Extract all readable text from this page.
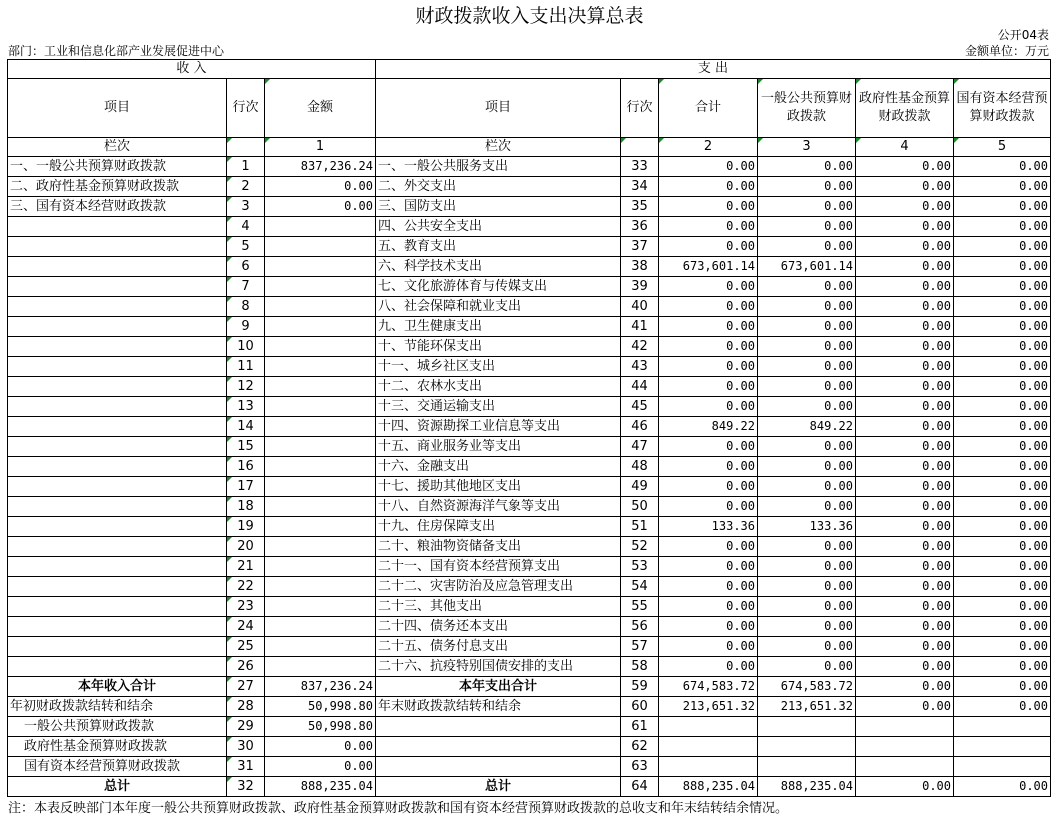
财政拨款收入支出决算总表
公开04表
部门：工业和信息化部产业发展促进中心	金额单位：万元
收 入			支 出					
项目	行次	金额	项目	行次	合计	一般公共预算财政拨款	政府性基金预算财政拨款	国有资本经营预算财政拨款
栏次		1	栏次		2	3	4	5
一、一般公共预算财政拨款	1	837,236.24	一、一般公共服务支出	33	0.00	0.00	0.00	0.00
二、政府性基金预算财政拨款	2	0.00	二、外交支出	34	0.00	0.00	0.00	0.00
三、国有资本经营财政拨款	3	0.00	三、国防支出	35	0.00	0.00	0.00	0.00
	4		四、公共安全支出	36	0.00	0.00	0.00	0.00
	5		五、教育支出	37	0.00	0.00	0.00	0.00
	6		六、科学技术支出	38	673,601.14	673,601.14	0.00	0.00
	7		七、文化旅游体育与传媒支出	39	0.00	0.00	0.00	0.00
	8		八、社会保障和就业支出	40	0.00	0.00	0.00	0.00
	9		九、卫生健康支出	41	0.00	0.00	0.00	0.00
	10		十、节能环保支出	42	0.00	0.00	0.00	0.00
	11		十一、城乡社区支出	43	0.00	0.00	0.00	0.00
	12		十二、农林水支出	44	0.00	0.00	0.00	0.00
	13		十三、交通运输支出	45	0.00	0.00	0.00	0.00
	14		十四、资源勘探工业信息等支出	46	849.22	849.22	0.00	0.00
	15		十五、商业服务业等支出	47	0.00	0.00	0.00	0.00
	16		十六、金融支出	48	0.00	0.00	0.00	0.00
	17		十七、援助其他地区支出	49	0.00	0.00	0.00	0.00
	18		十八、自然资源海洋气象等支出	50	0.00	0.00	0.00	0.00
	19		十九、住房保障支出	51	133.36	133.36	0.00	0.00
	20		二十、粮油物资储备支出	52	0.00	0.00	0.00	0.00
	21		二十一、国有资本经营预算支出	53	0.00	0.00	0.00	0.00
	22		二十二、灾害防治及应急管理支出	54	0.00	0.00	0.00	0.00
	23		二十三、其他支出	55	0.00	0.00	0.00	0.00
	24		二十四、债务还本支出	56	0.00	0.00	0.00	0.00
	25		二十五、债务付息支出	57	0.00	0.00	0.00	0.00
	26		二十六、抗疫特别国债安排的支出	58	0.00	0.00	0.00	0.00
本年收入合计	27	837,236.24	本年支出合计	59	674,583.72	674,583.72	0.00	0.00
年初财政拨款结转和结余	28	50,998.80	年末财政拨款结转和结余	60	213,651.32	213,651.32	0.00	0.00
一般公共预算财政拨款	29	50,998.80		61				
政府性基金预算财政拨款	30	0.00		62				
国有资本经营预算财政拨款	31	0.00		63				
总计	32	888,235.04	总计	64	888,235.04	888,235.04	0.00	0.00
注：本表反映部门本年度一般公共预算财政拨款、政府性基金预算财政拨款和国有资本经营预算财政拨款的总收支和年末结转结余情况。
